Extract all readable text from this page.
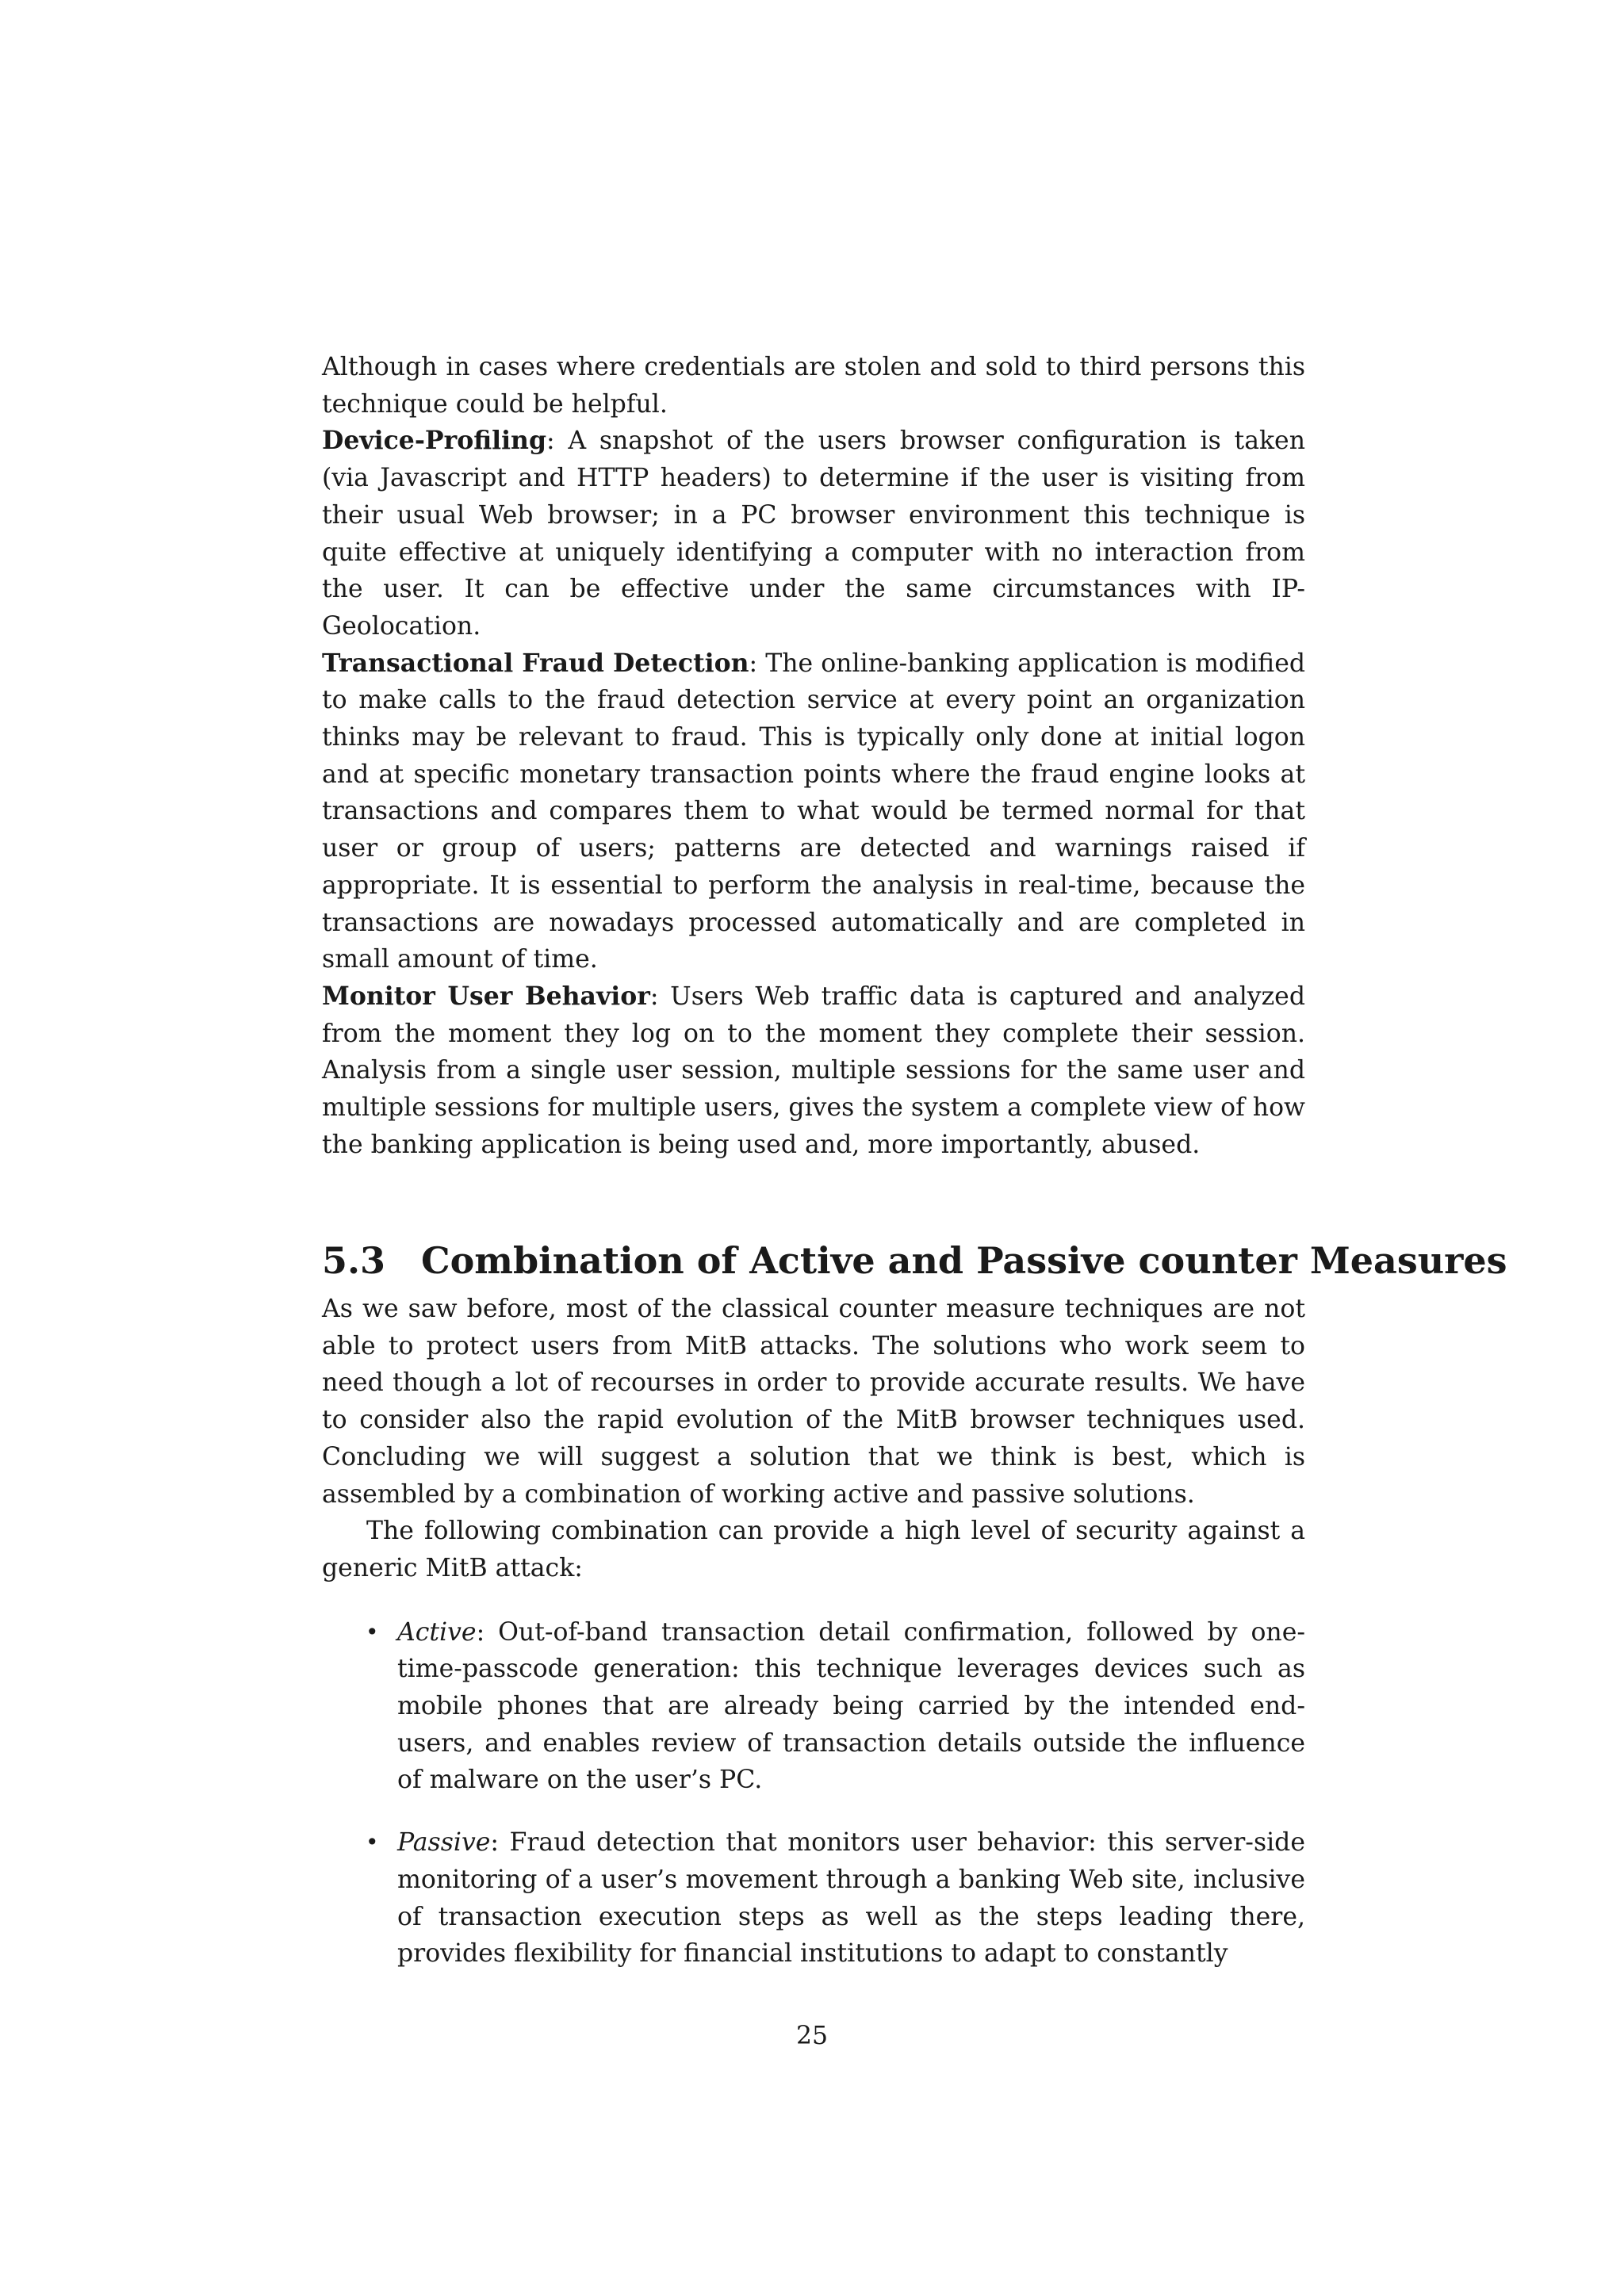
Although in cases where credentials are stolen and sold to third persons this technique could be helpful.

Device-Profiling: A snapshot of the users browser configuration is taken (via Javascript and HTTP headers) to determine if the user is visiting from their usual Web browser; in a PC browser environment this technique is quite effective at uniquely identifying a computer with no interaction from the user. It can be effective under the same circumstances with IP-Geolocation.

Transactional Fraud Detection: The online-banking application is modified to make calls to the fraud detection service at every point an organization thinks may be relevant to fraud. This is typically only done at initial logon and at specific monetary transaction points where the fraud engine looks at transactions and compares them to what would be termed normal for that user or group of users; patterns are detected and warnings raised if appropriate. It is essential to perform the analysis in real-time, because the transactions are nowadays processed automatically and are completed in small amount of time.

Monitor User Behavior: Users Web traffic data is captured and analyzed from the moment they log on to the moment they complete their session. Analysis from a single user session, multiple sessions for the same user and multiple sessions for multiple users, gives the system a complete view of how the banking application is being used and, more importantly, abused.

5.3 Combination of Active and Passive counter Measures

As we saw before, most of the classical counter measure techniques are not able to protect users from MitB attacks. The solutions who work seem to need though a lot of recourses in order to provide accurate results. We have to consider also the rapid evolution of the MitB browser techniques used. Concluding we will suggest a solution that we think is best, which is assembled by a combination of working active and passive solutions.

The following combination can provide a high level of security against a generic MitB attack:

• Active: Out-of-band transaction detail confirmation, followed by one-time-passcode generation: this technique leverages devices such as mobile phones that are already being carried by the intended end-users, and enables review of transaction details outside the influence of malware on the user’s PC.
• Passive: Fraud detection that monitors user behavior: this server-side monitoring of a user’s movement through a banking Web site, inclusive of transaction execution steps as well as the steps leading there, provides flexibility for financial institutions to adapt to constantly
25
